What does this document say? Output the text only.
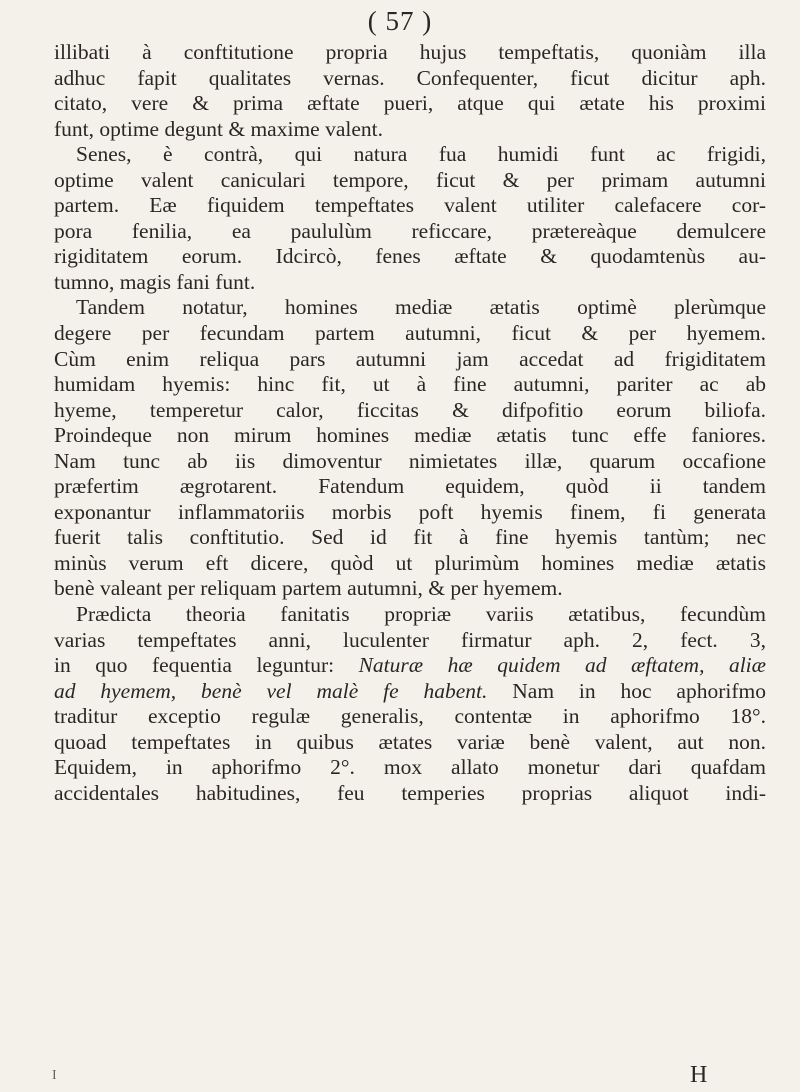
( 57 )
illibati à conftitutione propria hujus tempeftatis, quoniàm illa
adhuc fapit qualitates vernas. Confequenter, ficut dicitur aph.
citato, vere & prima æftate pueri, atque qui ætate his proximi
funt, optime degunt & maxime valent.
Senes, è contrà, qui natura fua humidi funt ac frigidi,
optime valent caniculari tempore, ficut & per primam autumni
partem. Eæ fiquidem tempeftates valent utiliter calefacere cor-
pora fenilia, ea paululùm reficcare, prætereàque demulcere
rigiditatem eorum. Idcircò, fenes æftate & quodamtenùs au-
tumno, magis fani funt.
Tandem notatur, homines mediæ ætatis optimè plerùmque
degere per fecundam partem autumni, ficut & per hyemem.
Cùm enim reliqua pars autumni jam accedat ad frigiditatem
humidam hyemis: hinc fit, ut à fine autumni, pariter ac ab
hyeme, temperetur calor, ficcitas & difpofitio eorum biliofa.
Proindeque non mirum homines mediæ ætatis tunc effe faniores.
Nam tunc ab iis dimoventur nimietates illæ, quarum occafione
præfertim ægrotarent. Fatendum equidem, quòd ii tandem
exponantur inflammatoriis morbis poft hyemis finem, fi generata
fuerit talis conftitutio. Sed id fit à fine hyemis tantùm; nec
minùs verum eft dicere, quòd ut plurimùm homines mediæ ætatis
benè valeant per reliquam partem autumni, & per hyemem.
Prædicta theoria fanitatis propriæ variis ætatibus, fecundùm
varias tempeftates anni, luculenter firmatur aph. 2, fect. 3,
in quo fequentia leguntur: Naturæ hæ quidem ad æftatem, aliæ
ad hyemem, benè vel malè fe habent. Nam in hoc aphorifmo
traditur exceptio regulæ generalis, contentæ in aphorifmo 18°.
quoad tempeftates in quibus ætates variæ benè valent, aut non.
Equidem, in aphorifmo 2°. mox allato monetur dari quafdam
accidentales habitudines, feu temperies proprias aliquot indi-
I	H
